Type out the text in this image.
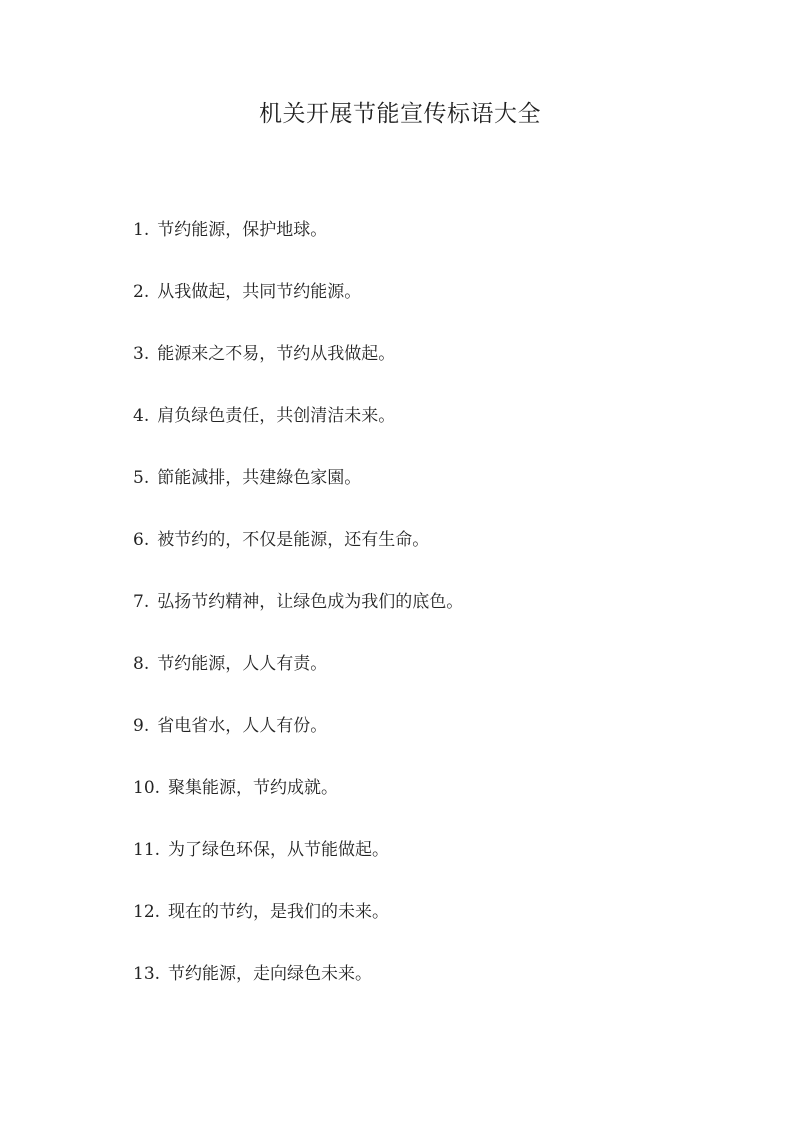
机关开展节能宣传标语大全
1. 节约能源，保护地球。
2. 从我做起，共同节约能源。
3. 能源来之不易，节约从我做起。
4. 肩负绿色责任，共创清洁未来。
5. 節能減排，共建綠色家園。
6. 被节约的，不仅是能源，还有生命。
7. 弘扬节约精神，让绿色成为我们的底色。
8. 节约能源，人人有责。
9. 省电省水，人人有份。
10. 聚集能源，节约成就。
11. 为了绿色环保，从节能做起。
12. 现在的节约，是我们的未来。
13. 节约能源，走向绿色未来。
